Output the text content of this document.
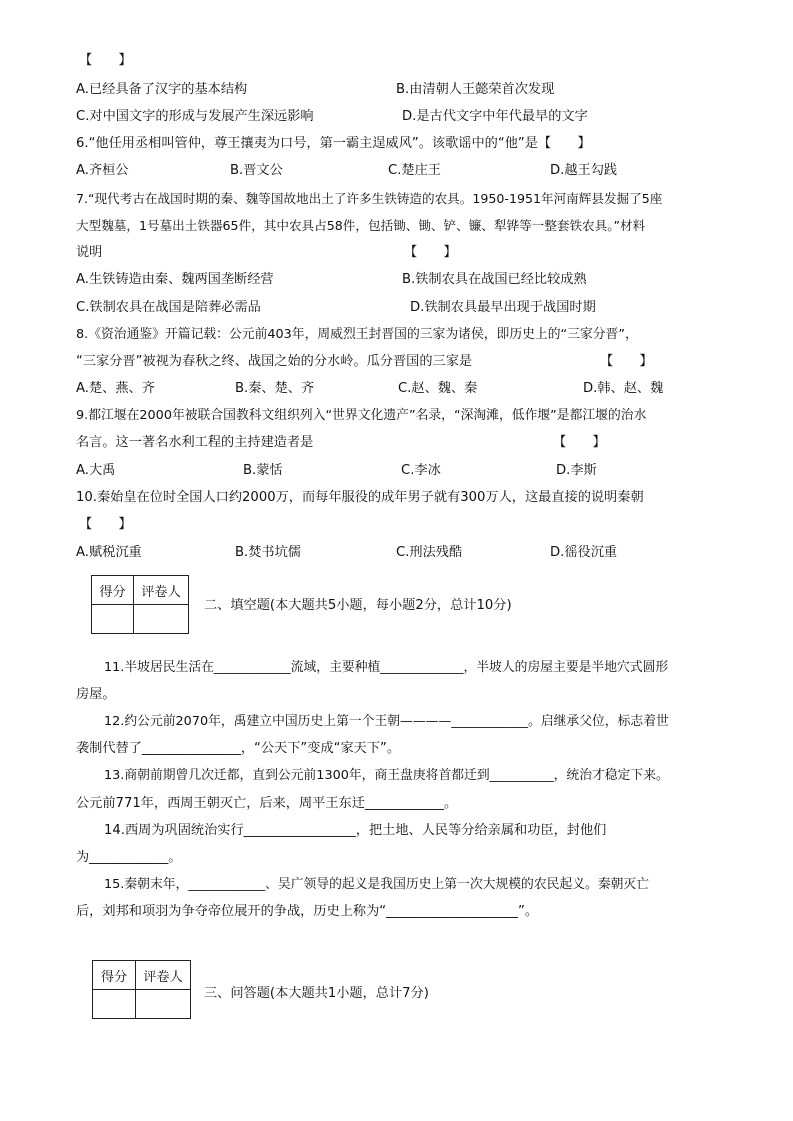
【　　】
A.已经具备了汉字的基本结构	B.由清朝人王懿荣首次发现
C.对中国文字的形成与发展产生深远影响	D.是古代文字中年代最早的文字
6.“他任用丞相叫管仲，尊王攘夷为口号，第一霸主逞威风”。该歌谣中的“他”是【　　】
A.齐桓公	B.晋文公	C.楚庄王	D.越王勾践
7.“现代考古在战国时期的秦、魏等国故地出土了许多生铁铸造的农具。1950-1951年河南辉县发掘了5座
大型魏墓，1号墓出土铁器65件，其中农具占58件，包括锄、锄、铲、镰、犁铧等一整套铁农具。”材料
说明	【　　】
A.生铁铸造由秦、魏两国垄断经营	B.铁制农具在战国已经比较成熟
C.铁制农具在战国是陪葬必需品	D.铁制农具最早出现于战国时期
8.《资治通鉴》开篇记载：公元前403年，周威烈王封晋国的三家为诸侯，即历史上的“三家分晋”，
“三家分晋”被视为春秋之终、战国之始的分水岭。瓜分晋国的三家是	【　　】
A.楚、燕、齐	B.秦、楚、齐	C.赵、魏、秦	D.韩、赵、魏
9.都江堰在2000年被联合国教科文组织列入“世界文化遗产”名录，“深淘滩，低作堰”是都江堰的治水
名言。这一著名水利工程的主持建造者是	【　　】
A.大禹	B.蒙恬	C.李冰	D.李斯
10.秦始皇在位时全国人口约2000万，而每年服役的成年男子就有300万人，这最直接的说明秦朝
【　　】
A.赋税沉重	B.焚书坑儒	C.刑法残酷	D.徭役沉重
得分	评卷人

二、填空题(本大题共5小题，每小题2分，总计10分)
11.半坡居民生活在____________流域，主要种植_____________，半坡人的房屋主要是半地穴式圆形
房屋。
12.约公元前2070年，禹建立中国历史上第一个王朝————____________。启继承父位，标志着世
袭制代替了_______________，“公天下”变成“家天下”。
13.商朝前期曾几次迁都，直到公元前1300年，商王盘庚将首都迁到__________，统治才稳定下来。
公元前771年，西周王朝灭亡，后来，周平王东迁____________。
14.西周为巩固统治实行_________________，把土地、人民等分给亲属和功臣，封他们
为____________。
15.秦朝末年，____________、吴广领导的起义是我国历史上第一次大规模的农民起义。秦朝灭亡
后，刘邦和项羽为争夺帝位展开的争战，历史上称为“____________________”。
得分	评卷人

三、问答题(本大题共1小题，总计7分)
